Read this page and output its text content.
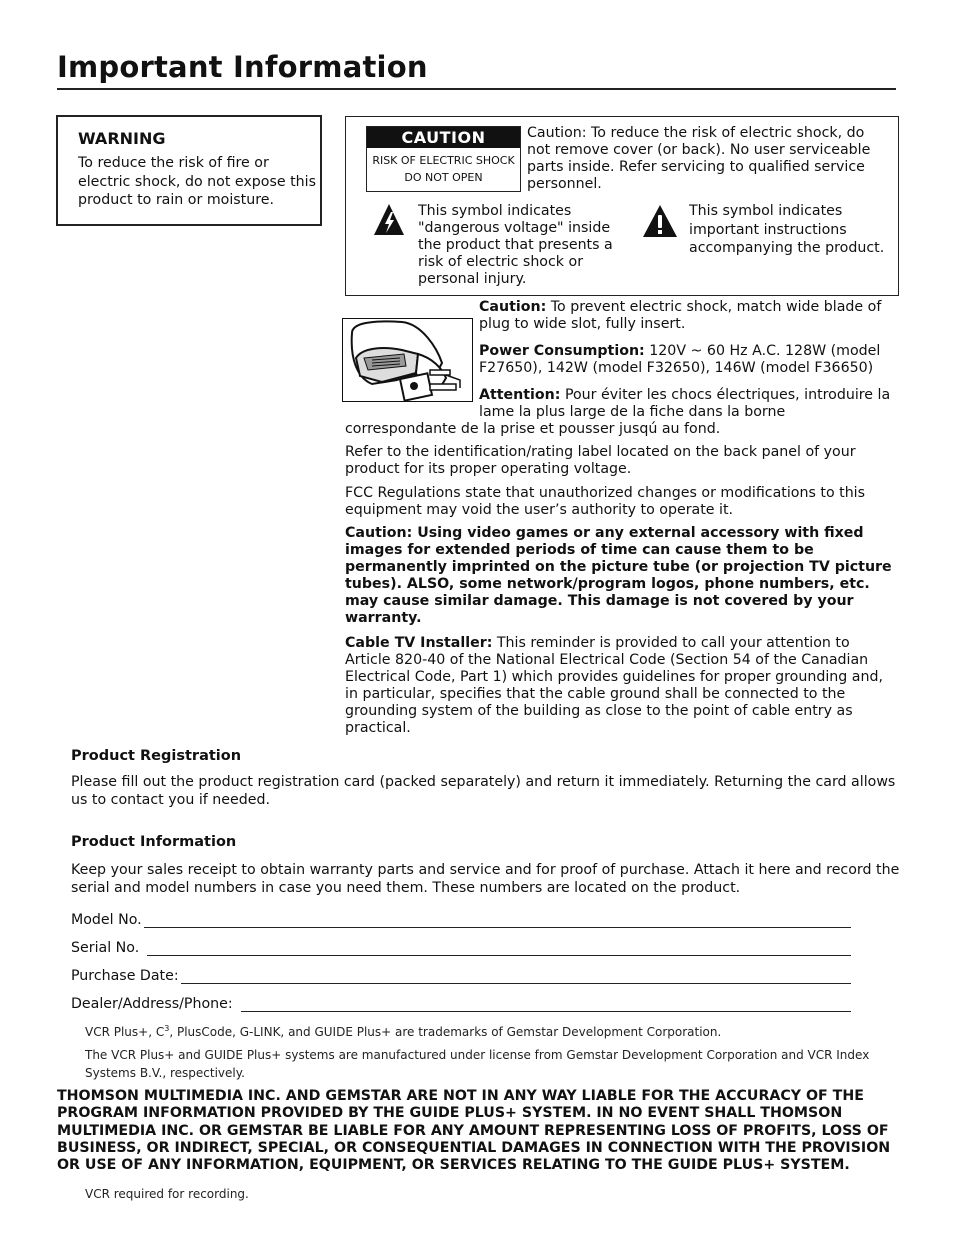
Important Information
WARNING
To reduce the risk of fire or electric shock, do not expose this product to rain or moisture.
CAUTION
RISK OF ELECTRIC SHOCK
DO NOT OPEN
Caution: To reduce the risk of electric shock, do not remove cover (or back). No user serviceable parts inside. Refer servicing to qualified service personnel.
This symbol indicates "dangerous voltage" inside the product that presents a risk of electric shock or personal injury.
This symbol indicates important instructions accompanying the product.
Caution: To prevent electric shock, match wide blade of plug to wide slot, fully insert.
Power Consumption: 120V ~ 60 Hz A.C. 128W (model F27650), 142W (model F32650), 146W (model F36650)
Attention: Pour éviter les chocs électriques, introduire la lame la plus large de la fiche dans la borne correspondante de la prise et pousser jusqú au fond.
Refer to the identification/rating label located on the back panel of your product for its proper operating voltage.
FCC Regulations state that unauthorized changes or modifications to this equipment may void the user’s authority to operate it.
Caution: Using video games or any external accessory with fixed images for extended periods of time can cause them to be permanently imprinted on the picture tube (or projection TV picture tubes). ALSO, some network/program logos, phone numbers, etc. may cause similar damage. This damage is not covered by your warranty.
Cable TV Installer: This reminder is provided to call your attention to Article 820-40 of the National Electrical Code (Section 54 of the Canadian Electrical Code, Part 1) which provides guidelines for proper grounding and, in particular, specifies that the cable ground shall be connected to the grounding system of the building as close to the point of cable entry as practical.
Product Registration
Please fill out the product registration card (packed separately) and return it immediately. Returning the card allows us to contact you if needed.
Product Information
Keep your sales receipt to obtain warranty parts and service and for proof of purchase. Attach it here and record the serial and model numbers in case you need them. These numbers are located on the product.
Model No.
Serial No.
Purchase Date:
Dealer/Address/Phone:
VCR Plus+, $C^3$, PlusCode, G-LINK, and GUIDE Plus+ are trademarks of Gemstar Development Corporation.
The VCR Plus+ and GUIDE Plus+ systems are manufactured under license from Gemstar Development Corporation and VCR Index Systems B.V., respectively.
THOMSON MULTIMEDIA INC. AND GEMSTAR ARE NOT IN ANY WAY LIABLE FOR THE ACCURACY OF THE PROGRAM INFORMATION PROVIDED BY THE GUIDE PLUS+ SYSTEM. IN NO EVENT SHALL THOMSON MULTIMEDIA INC. OR GEMSTAR BE LIABLE FOR ANY AMOUNT REPRESENTING LOSS OF PROFITS, LOSS OF BUSINESS, OR INDIRECT, SPECIAL, OR CONSEQUENTIAL DAMAGES IN CONNECTION WITH THE PROVISION OR USE OF ANY INFORMATION, EQUIPMENT, OR SERVICES RELATING TO THE GUIDE PLUS+ SYSTEM.
VCR required for recording.
